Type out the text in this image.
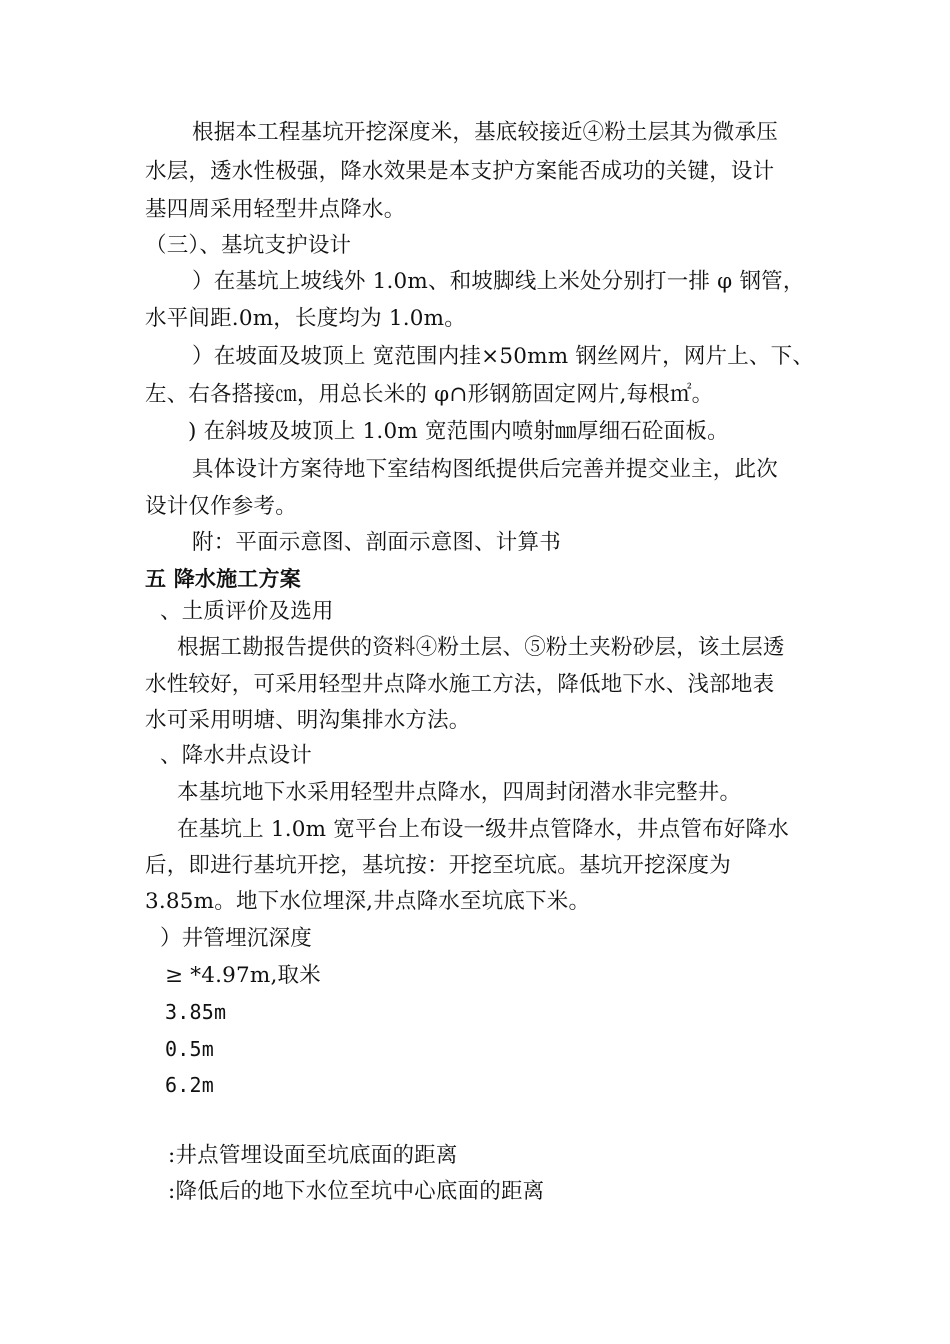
根据本工程基坑开挖深度米，基底较接近④粉土层其为微承压
水层，透水性极强，降水效果是本支护方案能否成功的关键，设计
基四周采用轻型井点降水。
（三）、基坑支护设计
）在基坑上坡线外 1.0m、和坡脚线上米处分别打一排 φ 钢管，
水平间距.0m，长度均为 1.0m。
）在坡面及坡顶上 宽范围内挂×50mm 钢丝网片，网片上、下、
左、右各搭接㎝，用总长米的 φ∩形钢筋固定网片,每根㎡。
) 在斜坡及坡顶上 1.0m 宽范围内喷射㎜厚细石砼面板。
具体设计方案待地下室结构图纸提供后完善并提交业主，此次
设计仅作参考。
附：平面示意图、剖面示意图、计算书
五 降水施工方案
、土质评价及选用
根据工勘报告提供的资料④粉土层、⑤粉土夹粉砂层，该土层透
水性较好，可采用轻型井点降水施工方法，降低地下水、浅部地表
水可采用明塘、明沟集排水方法。
、降水井点设计
本基坑地下水采用轻型井点降水，四周封闭潜水非完整井。
在基坑上 1.0m 宽平台上布设一级井点管降水，井点管布好降水
后，即进行基坑开挖，基坑按：开挖至坑底。基坑开挖深度为
3.85m。地下水位埋深,井点降水至坑底下米。
）井管埋沉深度
≥ *4.97m,取米
3.85m
0.5m
6.2m
:井点管埋设面至坑底面的距离
:降低后的地下水位至坑中心底面的距离
